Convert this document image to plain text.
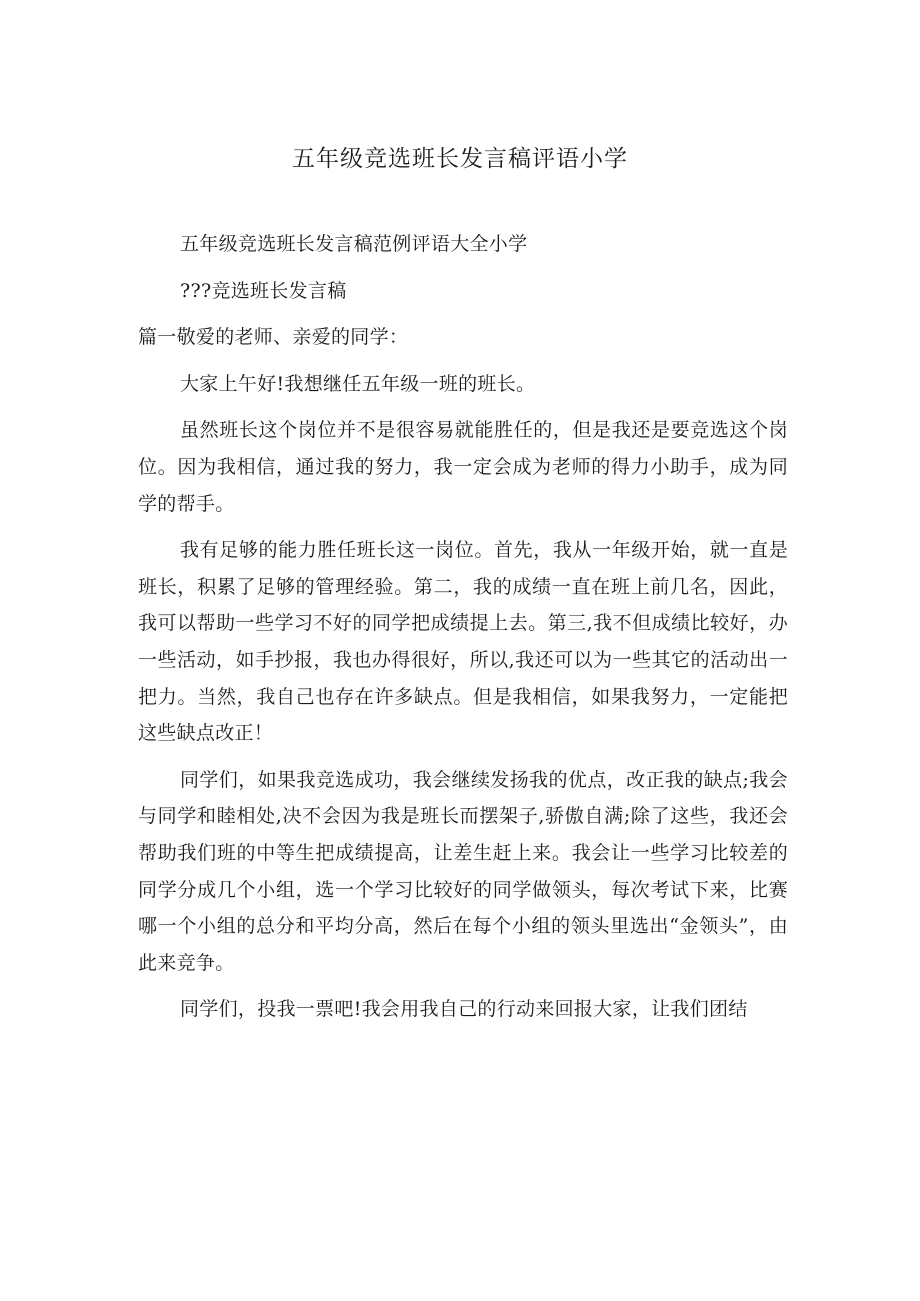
五年级竞选班长发言稿评语小学

五年级竞选班长发言稿范例评语大全小学

???竞选班长发言稿

篇一敬爱的老师、亲爱的同学：

大家上午好!我想继任五年级一班的班长。

虽然班长这个岗位并不是很容易就能胜任的，但是我还是要竞选这个岗位。因为我相信，通过我的努力，我一定会成为老师的得力小助手，成为同学的帮手。

我有足够的能力胜任班长这一岗位。首先，我从一年级开始，就一直是班长，积累了足够的管理经验。第二，我的成绩一直在班上前几名，因此，我可以帮助一些学习不好的同学把成绩提上去。第三,我不但成绩比较好，办一些活动，如手抄报，我也办得很好，所以,我还可以为一些其它的活动出一把力。当然，我自己也存在许多缺点。但是我相信，如果我努力，一定能把这些缺点改正！

同学们，如果我竞选成功，我会继续发扬我的优点，改正我的缺点;我会与同学和睦相处,决不会因为我是班长而摆架子,骄傲自满;除了这些，我还会帮助我们班的中等生把成绩提高，让差生赶上来。我会让一些学习比较差的同学分成几个小组，选一个学习比较好的同学做领头，每次考试下来，比赛哪一个小组的总分和平均分高，然后在每个小组的领头里选出“金领头”，由此来竞争。

同学们，投我一票吧!我会用我自己的行动来回报大家，让我们团结
